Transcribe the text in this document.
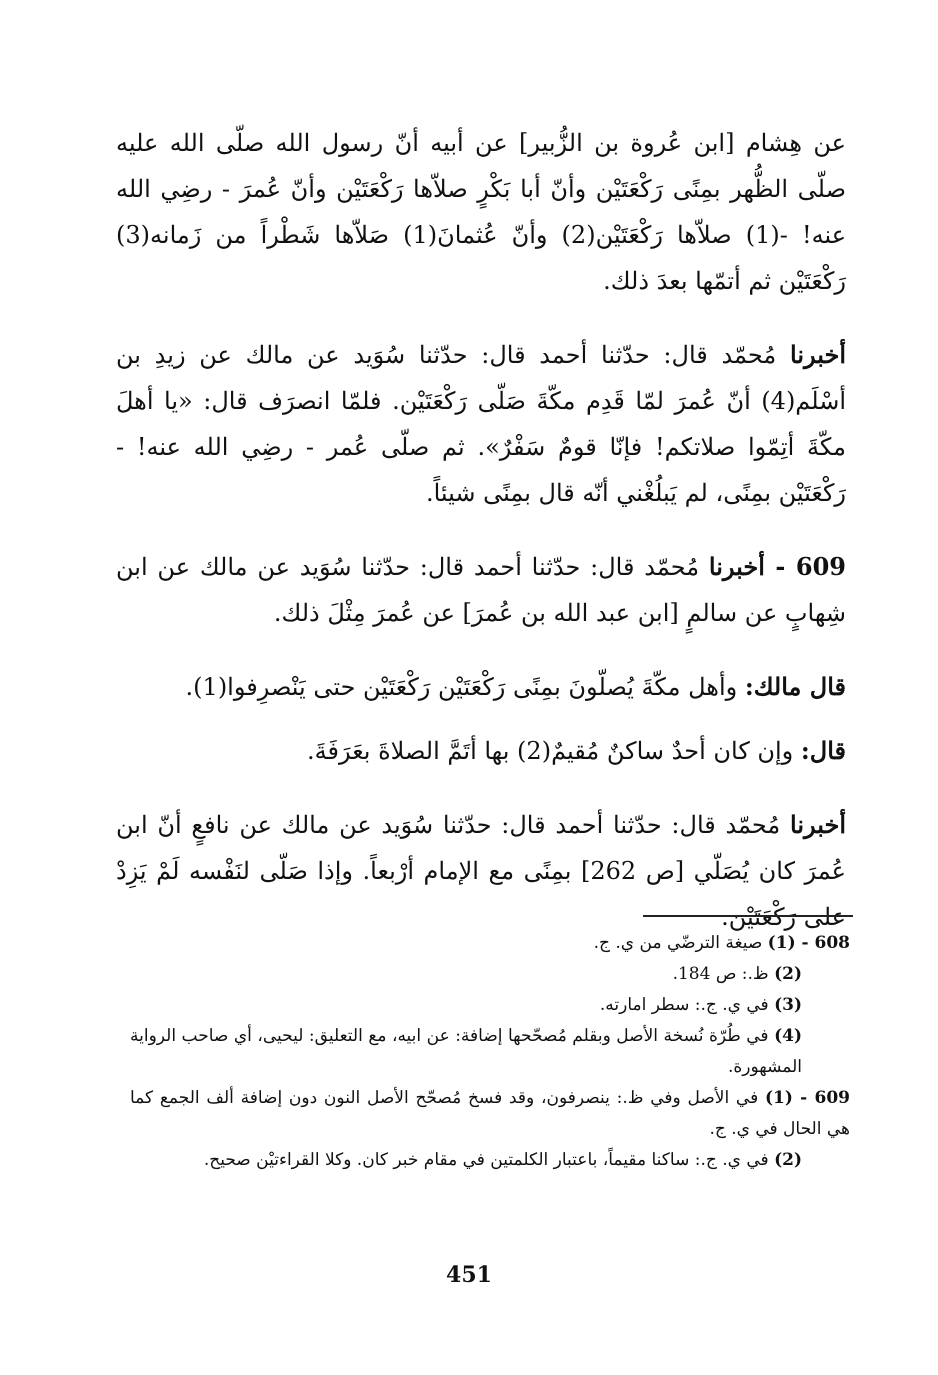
عن هِشام [ابن عُروة بن الزُّبير] عن أبيه أنّ رسول الله صلّى الله عليه صلّى الظُّهر بمِنًى رَكْعَتَيْن وأنّ أبا بَكْرٍ صلاّها رَكْعَتَيْن وأنّ عُمرَ - رضِي الله عنه! -(1) صلاّها رَكْعَتَيْن(2) وأنّ عُثمانَ(1) صَلاّها شَطْراً من زَمانه(3) رَكْعَتَيْن ثم أتمّها بعدَ ذلك.

أخبرنا مُحمّد قال: حدّثنا أحمد قال: حدّثنا سُوَيد عن مالك عن زيدِ بن أسْلَم(4) أنّ عُمرَ لمّا قَدِم مكّةَ صَلّى رَكْعَتَيْن. فلمّا انصرَف قال: «يا أهلَ مكّةَ أتِمّوا صلاتكم! فإنّا قومٌ سَفْرٌ». ثم صلّى عُمر - رضِي الله عنه! - رَكْعَتَيْن بمِنًى، لم يَبلُغْني أنّه قال بمِنًى شيئاً.

609 - أخبرنا مُحمّد قال: حدّثنا أحمد قال: حدّثنا سُوَيد عن مالك عن ابن شِهابٍ عن سالمٍ [ابن عبد الله بن عُمرَ] عن عُمرَ مِثْلَ ذلك.

قال مالك: وأهل مكّةَ يُصلّونَ بمِنًى رَكْعَتَيْن رَكْعَتَيْن حتى يَنْصرِفوا(1).

قال: وإن كان أحدٌ ساكنٌ مُقيمٌ(2) بها أتَمَّ الصلاةَ بعَرَفَةَ.

أخبرنا مُحمّد قال: حدّثنا أحمد قال: حدّثنا سُوَيد عن مالك عن نافعٍ أنّ ابن عُمرَ كان يُصَلّي [ص 262] بمِنًى مع الإمام أرْبعاً. وإذا صَلّى لنَفْسه لَمْ يَزِدْ على رَكْعَتَيْن.

608 - (1) صيغة الترضّي من ي. ج.

(2) ظ.: ص 184.

(3) في ي. ج.: سطر امارته.

(4) في طُرّة نُسخة الأصل وبقلم مُصحّحها إضافة: عن ابيه، مع التعليق: ليحيى، أي صاحب الرواية المشهورة.

609 - (1) في الأصل وفي ظ.: ينصرفون، وقد فسخ مُصحّح الأصل النون دون إضافة ألف الجمع كما هي الحال في ي. ج.

(2) في ي. ج.: ساكنا مقيماً، باعتبار الكلمتين في مقام خبر كان. وكلا القراءتيْن صحيح.

451
